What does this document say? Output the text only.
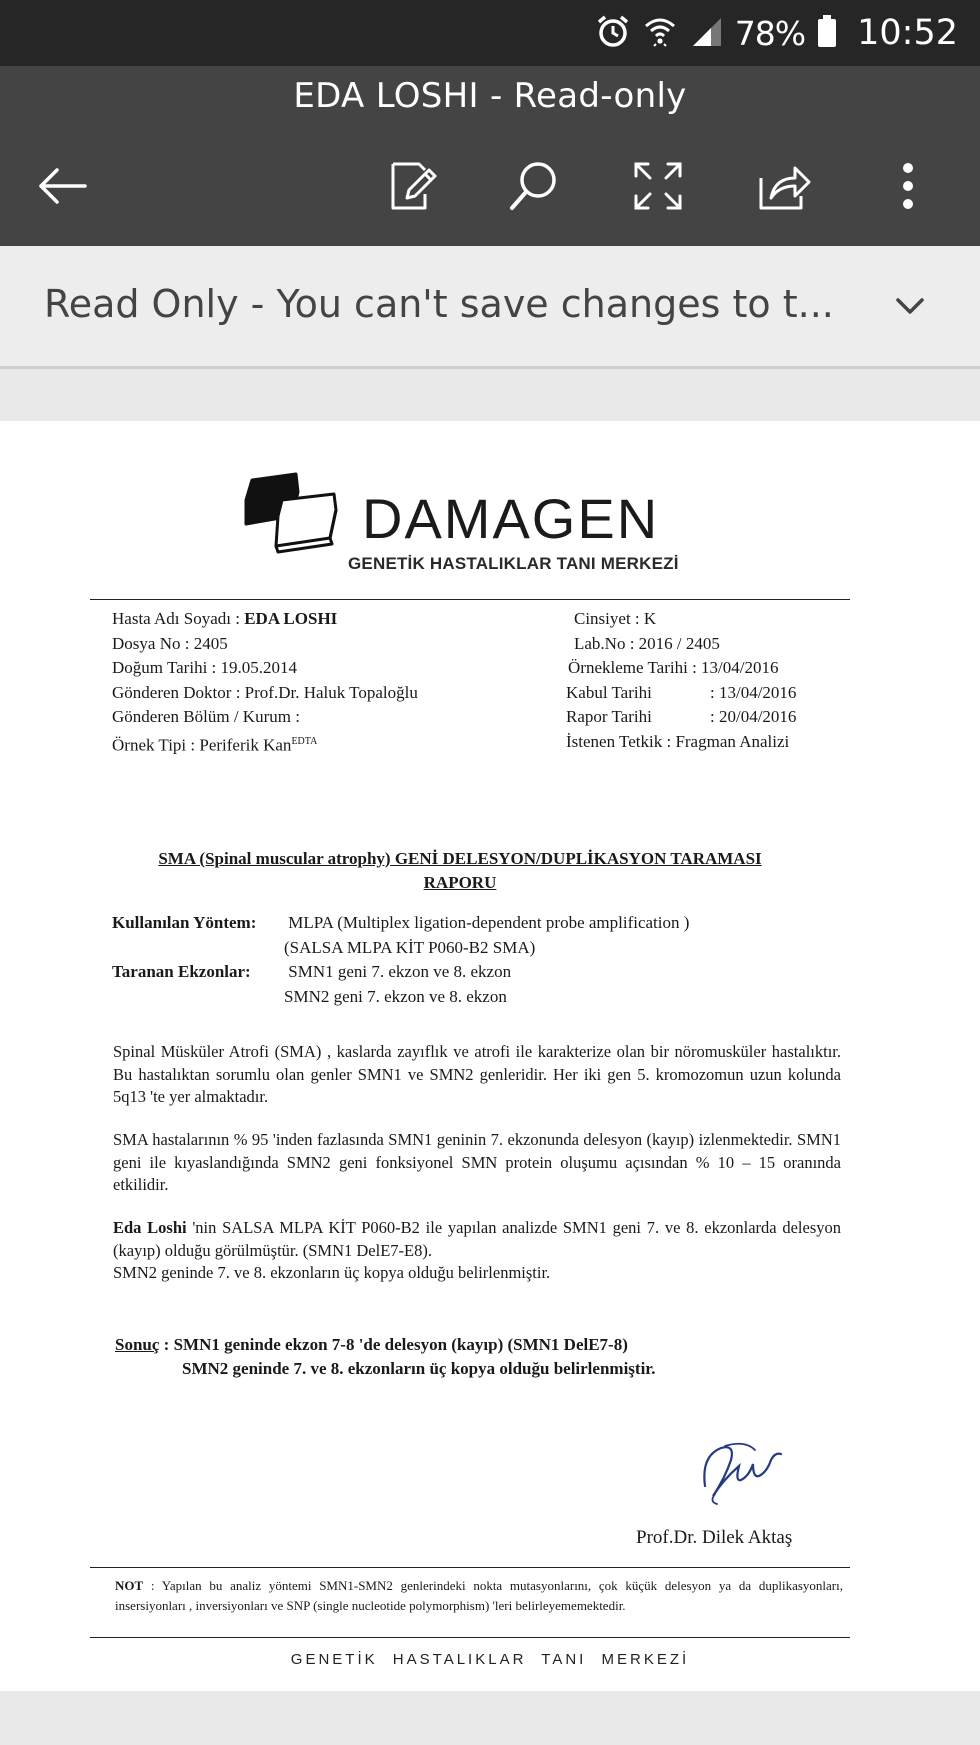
78% 10:52
EDA LOSHI - Read-only
Read Only - You can't save changes to t...
DAMAGEN
GENETİK HASTALIKLAR TANI MERKEZİ
Hasta Adı Soyadı : EDA LOSHI
Dosya No : 2405
Doğum Tarihi : 19.05.2014
Gönderen Doktor : Prof.Dr. Haluk Topaloğlu
Gönderen Bölüm / Kurum :
Örnek Tipi : Periferik Kan$^{EDTA}$
Cinsiyet : K
Lab.No : 2016 / 2405
Örnekleme Tarihi : 13/04/2016
Kabul Tarihi	: 13/04/2016
Rapor Tarihi	: 20/04/2016
İstenen Tetkik : Fragman Analizi
SMA (Spinal muscular atrophy) GENİ DELESYON/DUPLİKASYON TARAMASI
RAPORU
Kullanılan Yöntem: MLPA (Multiplex ligation-dependent probe amplification )
(SALSA MLPA KİT P060-B2 SMA)
Taranan Ekzonlar: SMN1 geni 7. ekzon ve 8. ekzon
SMN2 geni 7. ekzon ve 8. ekzon

Spinal Müsküler Atrofi (SMA) , kaslarda zayıflık ve atrofi ile karakterize olan bir nöromusküler hastalıktır. Bu hastalıktan sorumlu olan genler SMN1 ve SMN2 genleridir. Her iki gen 5. kromozomun uzun kolunda 5q13 'te yer almaktadır.

SMA hastalarının % 95 'inden fazlasında SMN1 geninin 7. ekzonunda delesyon (kayıp) izlenmektedir. SMN1 geni ile kıyaslandığında SMN2 geni fonksiyonel SMN protein oluşumu açısından % 10 – 15 oranında etkilidir.

Eda Loshi 'nin SALSA MLPA KİT P060-B2 ile yapılan analizde SMN1 geni 7. ve 8. ekzonlarda delesyon (kayıp) olduğu görülmüştür. (SMN1 DelE7-E8).

SMN2 geninde 7. ve 8. ekzonların üç kopya olduğu belirlenmiştir.

Sonuç : SMN1 geninde ekzon 7-8 'de delesyon (kayıp) (SMN1 DelE7-8)
SMN2 geninde 7. ve 8. ekzonların üç kopya olduğu belirlenmiştir.
Prof.Dr. Dilek Aktaş
NOT : Yapılan bu analiz yöntemi SMN1-SMN2 genlerindeki nokta mutasyonlarını, çok küçük delesyon ya da duplikasyonları, insersiyonları , inversiyonları ve SNP (single nucleotide polymorphism) 'leri belirleyememektedir.
GENETİK HASTALIKLAR TANI MERKEZİ
